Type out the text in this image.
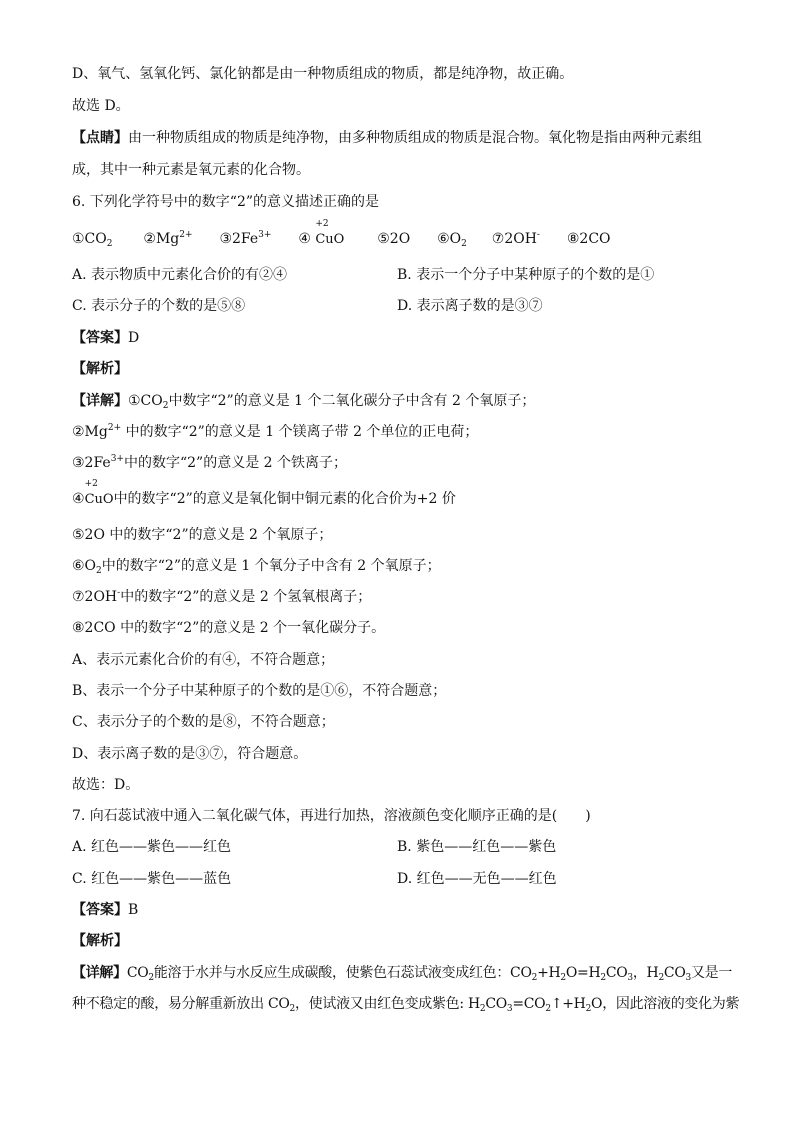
D、氧气、氢氧化钙、氯化钠都是由一种物质组成的物质，都是纯净物，故正确。
故选 D。
【点睛】由一种物质组成的物质是纯净物，由多种物质组成的物质是混合物。氧化物是指由两种元素组
成，其中一种元素是氧元素的化合物。
6. 下列化学符号中的数字“2”的意义描述正确的是
$①CO_2$ $②Mg^{2+}$ $③2Fe^{3+}$ ④
+2
CuO ⑤2O $⑥O_2$ ⑦2OH- ⑧2CO
A. 表示物质中元素化合价的有②④	B. 表示一个分子中某种原子的个数的是①
C. 表示分子的个数的是⑤⑧	D. 表示离子数的是③⑦
【答案】D
【解析】
【详解】$①CO_2$中数字“2”的意义是 1 个二氧化碳分子中含有 2 个氧原子；
$②Mg^{2+}$ 中的数字“2”的意义是 1 个镁离子带 2 个单位的正电荷；
$③2Fe^{3+}$中的数字“2”的意义是 2 个铁离子；
④
+2
CuO中的数字“2”的意义是氧化铜中铜元素的化合价为+2 价
⑤2O 中的数字“2”的意义是 2 个氧原子；
$⑥O_2$中的数字“2”的意义是 1 个氧分子中含有 2 个氧原子；
⑦2OH-中的数字“2”的意义是 2 个氢氧根离子；
⑧2CO 中的数字“2”的意义是 2 个一氧化碳分子。
A、表示元素化合价的有④，不符合题意；
B、表示一个分子中某种原子的个数的是①⑥，不符合题意；
C、表示分子的个数的是⑧，不符合题意；
D、表示离子数的是③⑦，符合题意。
故选：D。
7. 向石蕊试液中通入二氧化碳气体，再进行加热，溶液颜色变化顺序正确的是(　　)
A. 红色——紫色——红色	B. 紫色——红色——紫色
C. 红色——紫色——蓝色	D. 红色——无色——红色
【答案】B
【解析】
【详解】$CO_2$能溶于水并与水反应生成碳酸，使紫色石蕊试液变成红色：$CO_2+H_2O=H_2CO_3$，$H_2CO_3$又是一
种不稳定的酸，易分解重新放出 $CO_2$，使试液又由红色变成紫色: $H_2CO_3=CO_2↑+H_2O$，因此溶液的变化为紫
